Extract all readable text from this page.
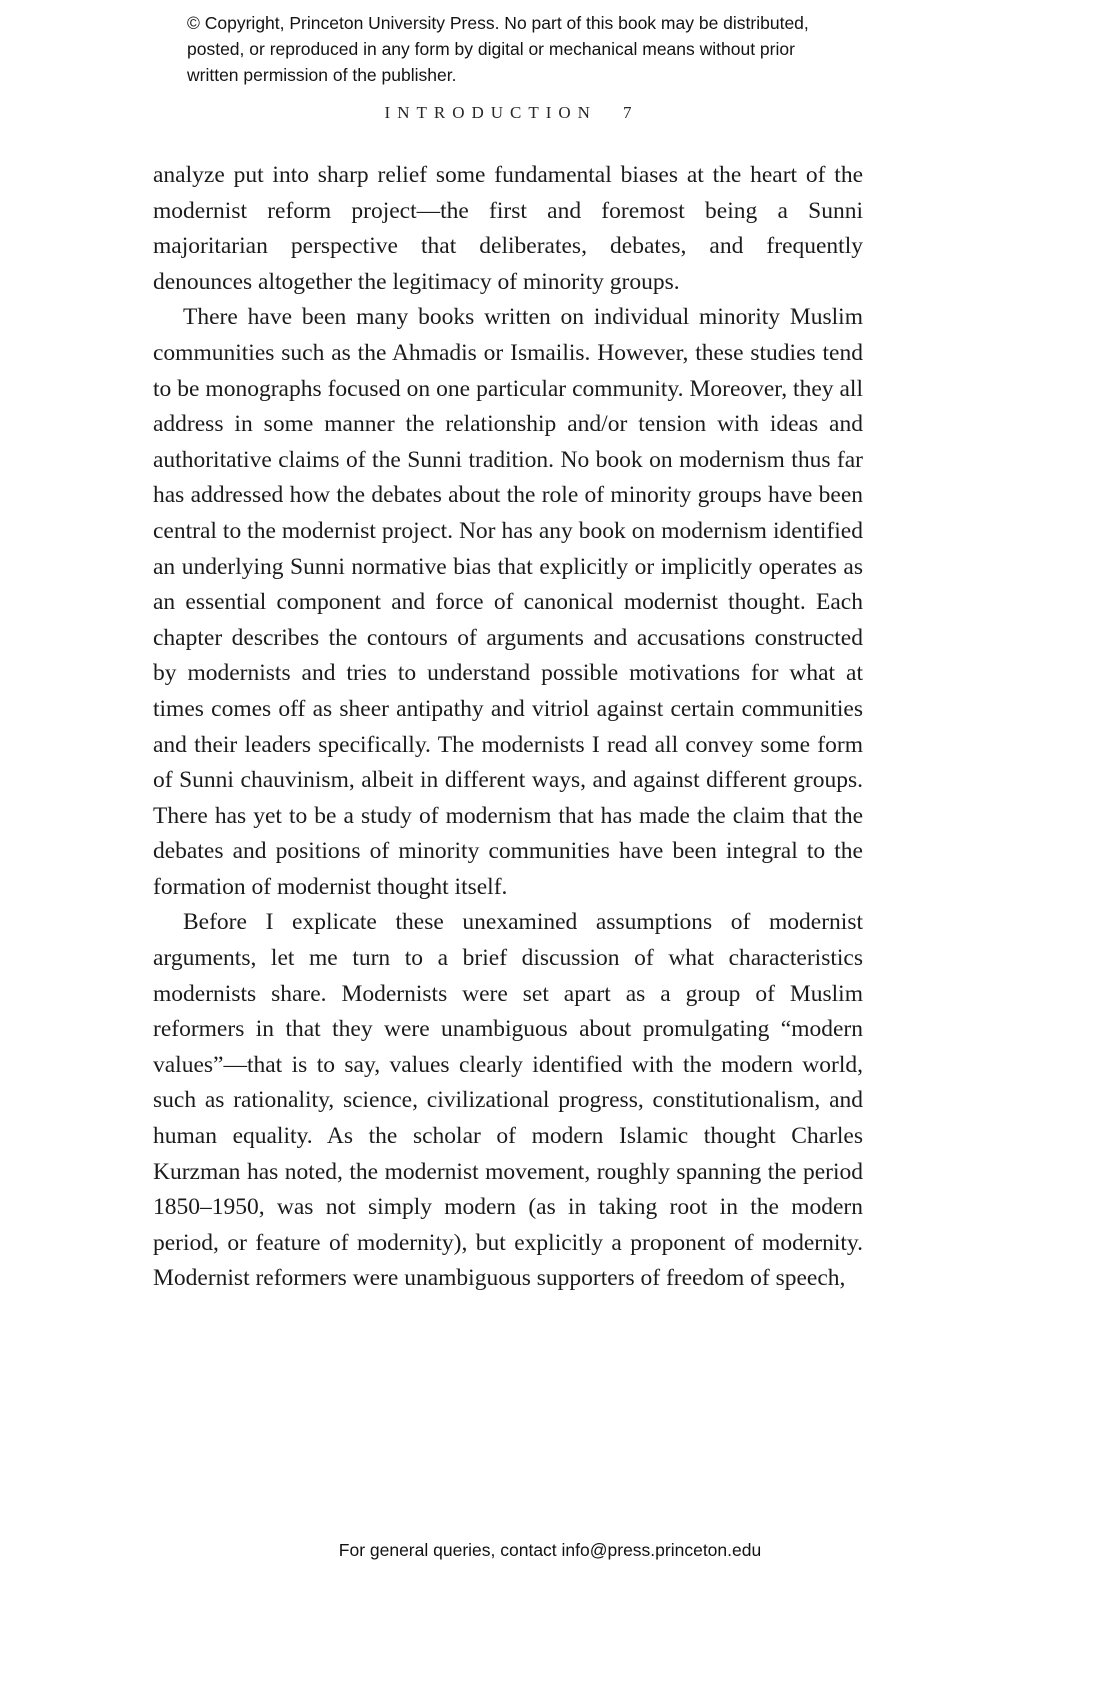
© Copyright, Princeton University Press. No part of this book may be distributed, posted, or reproduced in any form by digital or mechanical means without prior written permission of the publisher.
INTRODUCTION 7

analyze put into sharp relief some fundamental biases at the heart of the modernist reform project—the first and foremost being a Sunni majoritarian perspective that deliberates, debates, and frequently denounces altogether the legitimacy of minority groups.

There have been many books written on individual minority Muslim communities such as the Ahmadis or Ismailis. However, these studies tend to be monographs focused on one particular community. Moreover, they all address in some manner the relationship and/or tension with ideas and authoritative claims of the Sunni tradition. No book on modernism thus far has addressed how the debates about the role of minority groups have been central to the modernist project. Nor has any book on modernism identified an underlying Sunni normative bias that explicitly or implicitly operates as an essential component and force of canonical modernist thought. Each chapter describes the contours of arguments and accusations constructed by modernists and tries to understand possible motivations for what at times comes off as sheer antipathy and vitriol against certain communities and their leaders specifically. The modernists I read all convey some form of Sunni chauvinism, albeit in different ways, and against different groups. There has yet to be a study of modernism that has made the claim that the debates and positions of minority communities have been integral to the formation of modernist thought itself.

Before I explicate these unexamined assumptions of modernist arguments, let me turn to a brief discussion of what characteristics modernists share. Modernists were set apart as a group of Muslim reformers in that they were unambiguous about promulgating “modern values”—that is to say, values clearly identified with the modern world, such as rationality, science, civilizational progress, constitutionalism, and human equality. As the scholar of modern Islamic thought Charles Kurzman has noted, the modernist movement, roughly spanning the period 1850–1950, was not simply modern (as in taking root in the modern period, or feature of modernity), but explicitly a proponent of modernity. Modernist reformers were unambiguous supporters of freedom of speech,

For general queries, contact info@press.princeton.edu
